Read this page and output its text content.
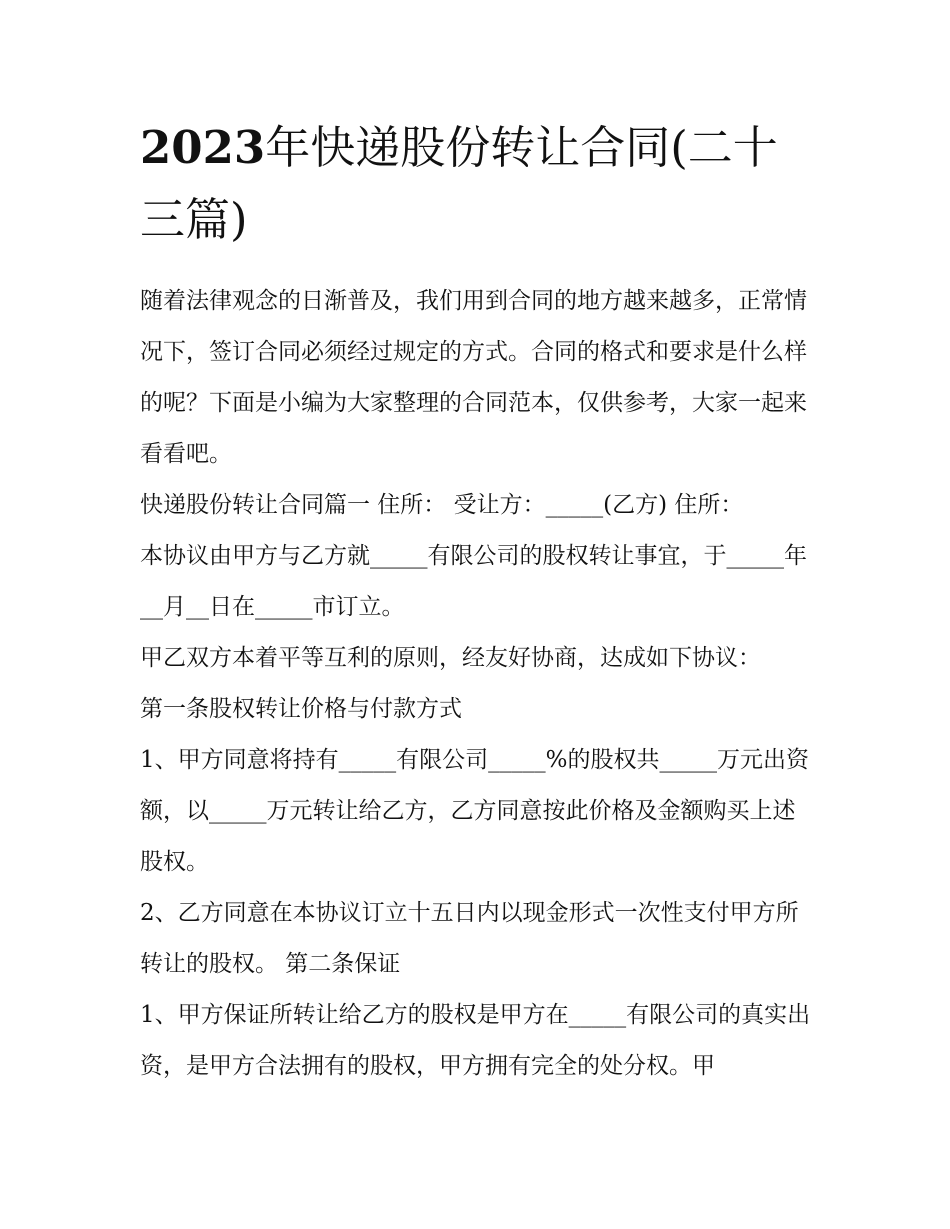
2023年快递股份转让合同(二十三篇)

随着法律观念的日渐普及，我们用到合同的地方越来越多，正常情况下，签订合同必须经过规定的方式。合同的格式和要求是什么样的呢？下面是小编为大家整理的合同范本，仅供参考，大家一起来看看吧。

快递股份转让合同篇一 住所： 受让方：_____(乙方) 住所：

本协议由甲方与乙方就_____有限公司的股权转让事宜，于_____年__月__日在_____市订立。

甲乙双方本着平等互利的原则，经友好协商，达成如下协议：

第一条股权转让价格与付款方式

1、甲方同意将持有_____有限公司_____%的股权共_____万元出资额，以_____万元转让给乙方，乙方同意按此价格及金额购买上述股权。

2、乙方同意在本协议订立十五日内以现金形式一次性支付甲方所转让的股权。 第二条保证

1、甲方保证所转让给乙方的股权是甲方在_____有限公司的真实出资，是甲方合法拥有的股权，甲方拥有完全的处分权。甲
